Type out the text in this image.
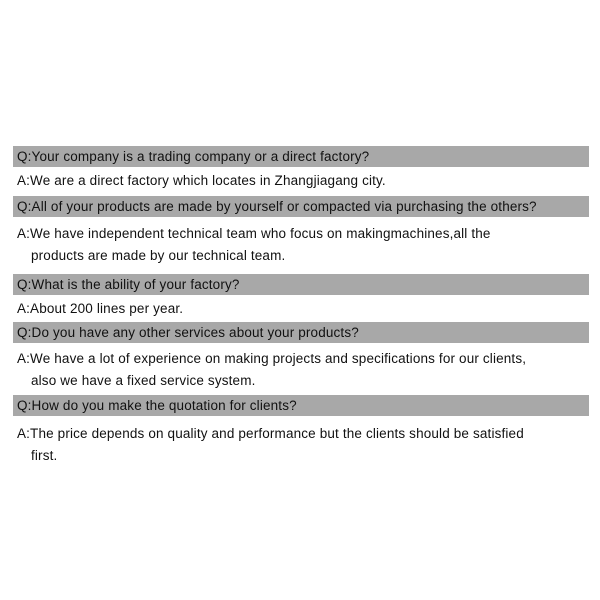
Q:Your company is a trading company or a direct factory?
A:We are a direct factory which locates in Zhangjiagang city.
Q:All of your products are made by yourself or compacted via purchasing the others?
A:We have independent technical team who focus on makingmachines,all the
products are made by our technical team.
Q:What is the ability of your factory?
A:About 200 lines per year.
Q:Do you have any other services about your products?
A:We have a lot of experience on making projects and specifications for our clients,
also we have a fixed service system.
Q:How do you make the quotation for clients?
A:The price depends on quality and performance but the clients should be satisfied
first.
